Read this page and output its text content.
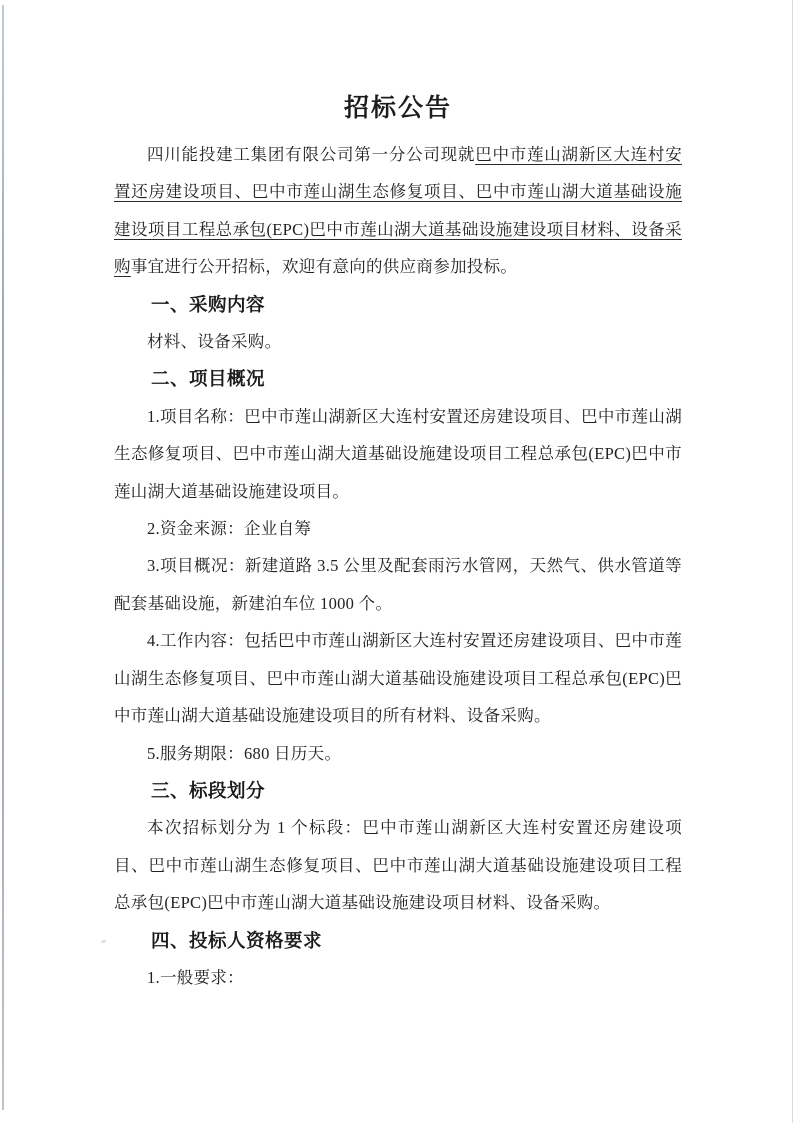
招标公告

四川能投建工集团有限公司第一分公司现就巴中市莲山湖新区大连村安置还房建设项目、巴中市莲山湖生态修复项目、巴中市莲山湖大道基础设施建设项目工程总承包(EPC)巴中市莲山湖大道基础设施建设项目材料、设备采购事宜进行公开招标，欢迎有意向的供应商参加投标。

一、采购内容

材料、设备采购。

二、项目概况

1.项目名称：巴中市莲山湖新区大连村安置还房建设项目、巴中市莲山湖生态修复项目、巴中市莲山湖大道基础设施建设项目工程总承包(EPC)巴中市莲山湖大道基础设施建设项目。

2.资金来源：企业自筹

3.项目概况：新建道路 3.5 公里及配套雨污水管网，天然气、供水管道等配套基础设施，新建泊车位 1000 个。

4.工作内容：包括巴中市莲山湖新区大连村安置还房建设项目、巴中市莲山湖生态修复项目、巴中市莲山湖大道基础设施建设项目工程总承包(EPC)巴中市莲山湖大道基础设施建设项目的所有材料、设备采购。

5.服务期限：680 日历天。

三、标段划分

本次招标划分为 1 个标段：巴中市莲山湖新区大连村安置还房建设项目、巴中市莲山湖生态修复项目、巴中市莲山湖大道基础设施建设项目工程总承包(EPC)巴中市莲山湖大道基础设施建设项目材料、设备采购。

四、投标人资格要求

1.一般要求：
